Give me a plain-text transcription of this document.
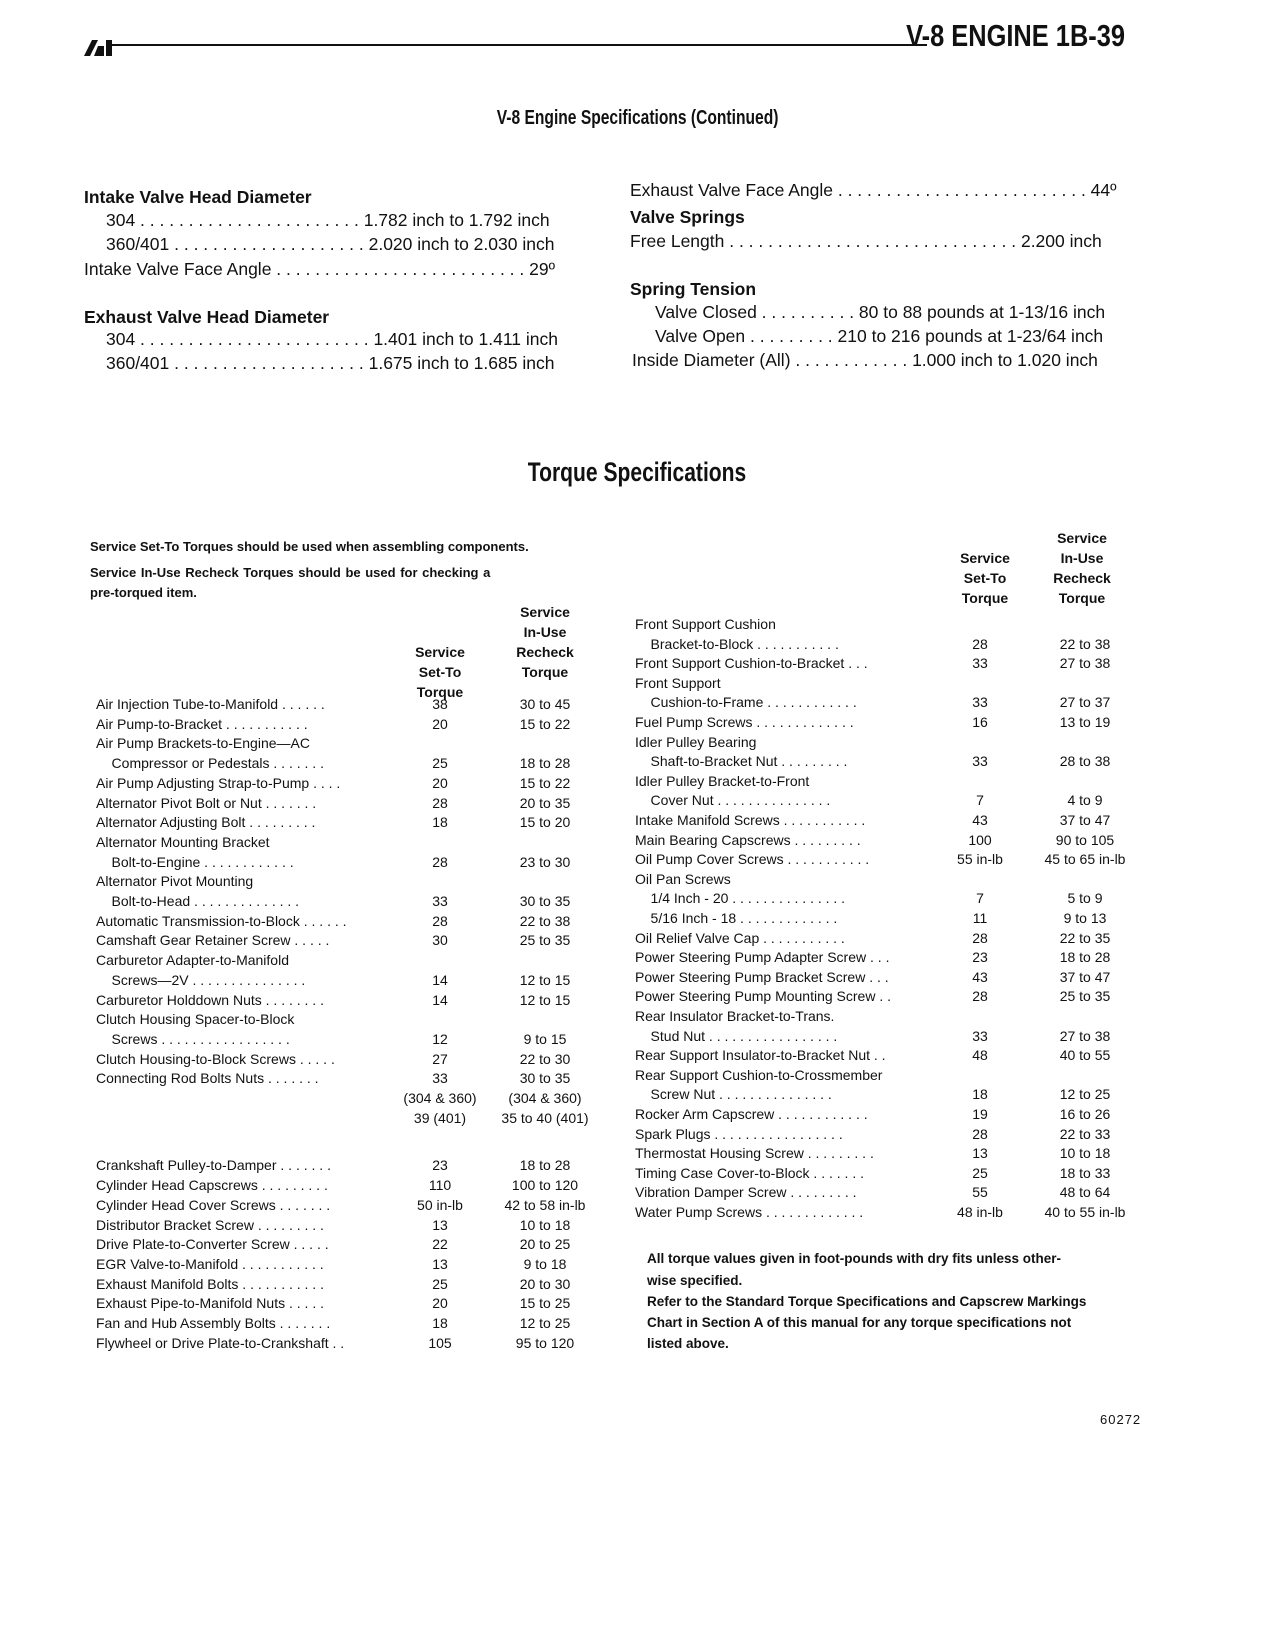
V-8 ENGINE 1B-39
V-8 Engine Specifications (Continued)
Intake Valve Head Diameter
304 . . . . . . . . . . . . . . . . . . . . . . . 1.782 inch to 1.792 inch
360/401 . . . . . . . . . . . . . . . . . . . . 2.020 inch to 2.030 inch
Intake Valve Face Angle . . . . . . . . . . . . . . . . . . . . . . . . . . 29º
Exhaust Valve Head Diameter
304 . . . . . . . . . . . . . . . . . . . . . . . . 1.401 inch to 1.411 inch
360/401 . . . . . . . . . . . . . . . . . . . . 1.675 inch to 1.685 inch
Exhaust Valve Face Angle . . . . . . . . . . . . . . . . . . . . . . . . . . 44º
Valve Springs
Free Length . . . . . . . . . . . . . . . . . . . . . . . . . . . . . . 2.200 inch
Spring Tension
Valve Closed . . . . . . . . . . 80 to 88 pounds at 1-13/16 inch
Valve Open . . . . . . . . . 210 to 216 pounds at 1-23/64 inch
Inside Diameter (All) . . . . . . . . . . . . 1.000 inch to 1.020 inch
Torque Specifications
Service Set-To Torques should be used when assembling components.
Service In-Use Recheck Torques should be used for checking a
pre-torqued item.
Service
Set-To
Torque
Service
In-Use
Recheck
Torque
Service
Set-To
Torque
Service
In-Use
Recheck
Torque
Air Injection Tube-to-Manifold . . . . . .	38	30 to 45
Air Pump-to-Bracket . . . . . . . . . . .	20	15 to 22
Air Pump Brackets-to-Engine—AC
Compressor or Pedestals . . . . . . .	25	18 to 28
Air Pump Adjusting Strap-to-Pump . . . .	20	15 to 22
Alternator Pivot Bolt or Nut . . . . . . .	28	20 to 35
Alternator Adjusting Bolt . . . . . . . . .	18	15 to 20
Alternator Mounting Bracket
Bolt-to-Engine . . . . . . . . . . . .	28	23 to 30
Alternator Pivot Mounting
Bolt-to-Head . . . . . . . . . . . . . .	33	30 to 35
Automatic Transmission-to-Block . . . . . .	28	22 to 38
Camshaft Gear Retainer Screw . . . . .	30	25 to 35
Carburetor Adapter-to-Manifold
Screws—2V . . . . . . . . . . . . . . .	14	12 to 15
Carburetor Holddown Nuts . . . . . . . .	14	12 to 15
Clutch Housing Spacer-to-Block
Screws . . . . . . . . . . . . . . . . .	12	9 to 15
Clutch Housing-to-Block Screws . . . . .	27	22 to 30
Connecting Rod Bolts Nuts . . . . . . .	33	30 to 35
(304 & 360)	(304 & 360)
39 (401)	35 to 40 (401)
Crankshaft Pulley-to-Damper . . . . . . .	23	18 to 28
Cylinder Head Capscrews . . . . . . . . .	110	100 to 120
Cylinder Head Cover Screws . . . . . . .	50 in-lb	42 to 58 in-lb
Distributor Bracket Screw . . . . . . . . .	13	10 to 18
Drive Plate-to-Converter Screw . . . . .	22	20 to 25
EGR Valve-to-Manifold . . . . . . . . . . .	13	9 to 18
Exhaust Manifold Bolts . . . . . . . . . . .	25	20 to 30
Exhaust Pipe-to-Manifold Nuts . . . . .	20	15 to 25
Fan and Hub Assembly Bolts . . . . . . .	18	12 to 25
Flywheel or Drive Plate-to-Crankshaft . .	105	95 to 120
Front Support Cushion
Bracket-to-Block . . . . . . . . . . .	28	22 to 38
Front Support Cushion-to-Bracket . . .	33	27 to 38
Front Support
Cushion-to-Frame . . . . . . . . . . . .	33	27 to 37
Fuel Pump Screws . . . . . . . . . . . . .	16	13 to 19
Idler Pulley Bearing
Shaft-to-Bracket Nut . . . . . . . . .	33	28 to 38
Idler Pulley Bracket-to-Front
Cover Nut . . . . . . . . . . . . . . .	7	4 to 9
Intake Manifold Screws . . . . . . . . . . .	43	37 to 47
Main Bearing Capscrews . . . . . . . . .	100	90 to 105
Oil Pump Cover Screws . . . . . . . . . . .	55 in-lb	45 to 65 in-lb
Oil Pan Screws
1/4 Inch - 20 . . . . . . . . . . . . . . .	7	5 to 9
5/16 Inch - 18 . . . . . . . . . . . . .	11	9 to 13
Oil Relief Valve Cap . . . . . . . . . . .	28	22 to 35
Power Steering Pump Adapter Screw . . .	23	18 to 28
Power Steering Pump Bracket Screw . . .	43	37 to 47
Power Steering Pump Mounting Screw . .	28	25 to 35
Rear Insulator Bracket-to-Trans.
Stud Nut . . . . . . . . . . . . . . . . .	33	27 to 38
Rear Support Insulator-to-Bracket Nut . .	48	40 to 55
Rear Support Cushion-to-Crossmember
Screw Nut . . . . . . . . . . . . . . .	18	12 to 25
Rocker Arm Capscrew . . . . . . . . . . . .	19	16 to 26
Spark Plugs . . . . . . . . . . . . . . . . .	28	22 to 33
Thermostat Housing Screw . . . . . . . . .	13	10 to 18
Timing Case Cover-to-Block . . . . . . .	25	18 to 33
Vibration Damper Screw . . . . . . . . .	55	48 to 64
Water Pump Screws . . . . . . . . . . . . .	48 in-lb	40 to 55 in-lb
All torque values given in foot-pounds with dry fits unless other-
wise specified.
Refer to the Standard Torque Specifications and Capscrew Markings
Chart in Section A of this manual for any torque specifications not
listed above.
60272
